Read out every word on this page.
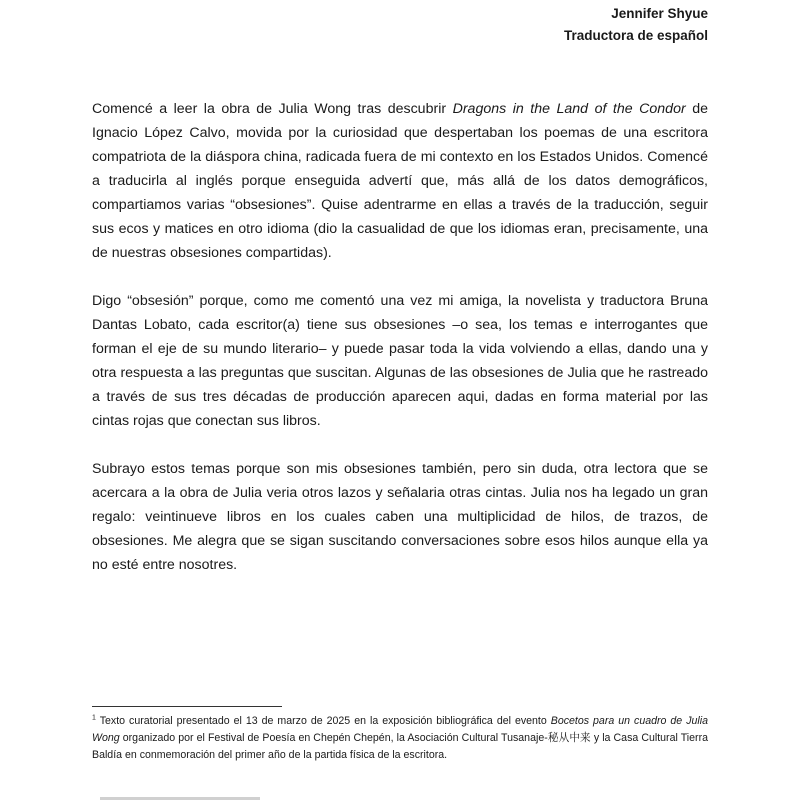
Jennifer Shyue
Traductora de español

Comencé a leer la obra de Julia Wong tras descubrir Dragons in the Land of the Condor de Ignacio López Calvo, movida por la curiosidad que despertaban los poemas de una escritora compatriota de la diáspora china, radicada fuera de mi contexto en los Estados Unidos. Comencé a traducirla al inglés porque enseguida advertí que, más allá de los datos demográficos, compartiamos varias “obsesiones”. Quise adentrarme en ellas a través de la traducción, seguir sus ecos y matices en otro idioma (dio la casualidad de que los idiomas eran, precisamente, una de nuestras obsesiones compartidas).

Digo “obsesión” porque, como me comentó una vez mi amiga, la novelista y traductora Bruna Dantas Lobato, cada escritor(a) tiene sus obsesiones –o sea, los temas e interrogantes que forman el eje de su mundo literario– y puede pasar toda la vida volviendo a ellas, dando una y otra respuesta a las preguntas que suscitan. Algunas de las obsesiones de Julia que he rastreado a través de sus tres décadas de producción aparecen aqui, dadas en forma material por las cintas rojas que conectan sus libros.

Subrayo estos temas porque son mis obsesiones también, pero sin duda, otra lectora que se acercara a la obra de Julia veria otros lazos y señalaria otras cintas. Julia nos ha legado un gran regalo: veintinueve libros en los cuales caben una multiplicidad de hilos, de trazos, de obsesiones. Me alegra que se sigan suscitando conversaciones sobre esos hilos aunque ella ya no esté entre nosotres.

$^1$ Texto curatorial presentado el 13 de marzo de 2025 en la exposición bibliográfica del evento Bocetos para un cuadro de Julia Wong organizado por el Festival de Poesía en Chepén Chepén, la Asociación Cultural Tusanaje-秘从中来 y la Casa Cultural Tierra Baldía en conmemoración del primer año de la partida física de la escritora.
